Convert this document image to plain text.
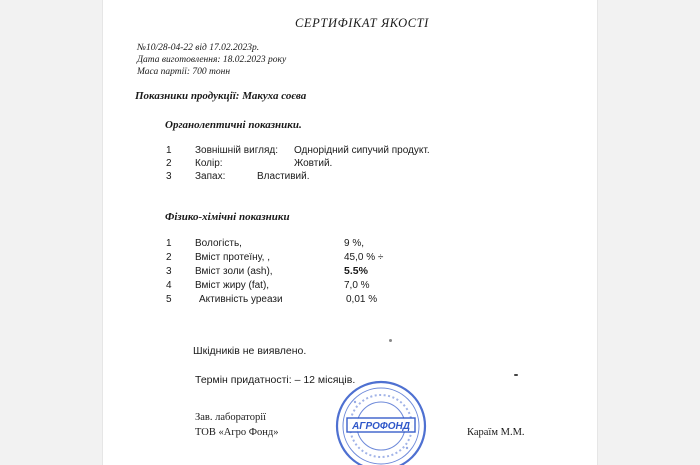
СЕРТИФІКАТ ЯКОСТІ
№10/28-04-22 від 17.02.2023р.
Дата виготовлення: 18.02.2023 року
Маса партії: 700 тонн
Показники продукції: Макуха соєва
Органолептичні показники.
1 Зовнішній вигляд: Однорідний сипучий продукт.
2 Колір:	Жовтий.
3 Запах:	Властивий.
Фізико-хімічні показники
1 Вологість,	9 %,
2 Вміст протеїну, ,	45,0 % ÷
3 Вміст золи (ash),	5.5%
4 Вміст жиру (fat),	7,0 %
5	Активність уреази	0,01 %
Шкідників не виявлено.
Термін придатності: – 12 місяців.
Зав. лабораторії
ТОВ «Агро Фонд»	Караїм М.М.
АГРОФОНД
